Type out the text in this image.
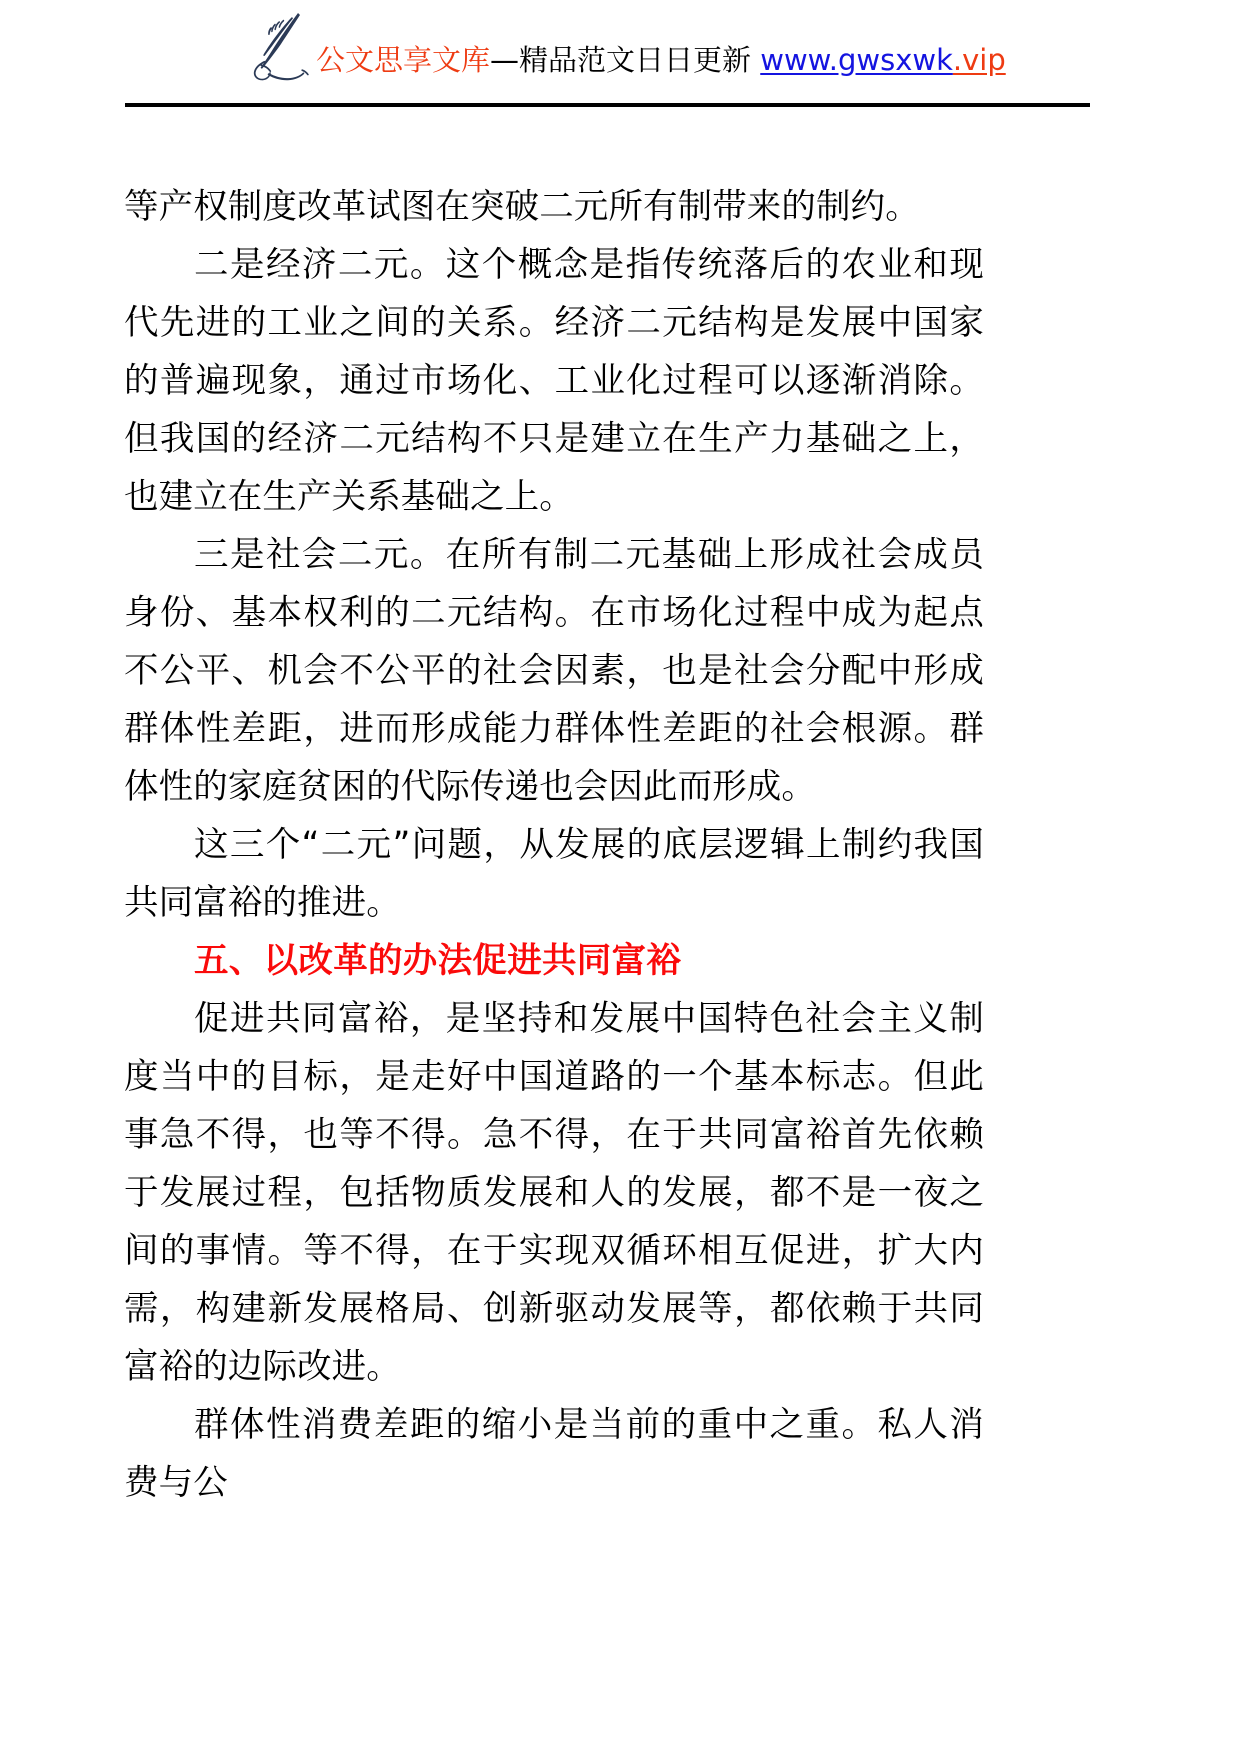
公文思享文库—精品范文日日更新 www.gwsxwk.vip

等产权制度改革试图在突破二元所有制带来的制约。

二是经济二元。这个概念是指传统落后的农业和现代先进的工业之间的关系。经济二元结构是发展中国家的普遍现象，通过市场化、工业化过程可以逐渐消除。但我国的经济二元结构不只是建立在生产力基础之上，也建立在生产关系基础之上。

三是社会二元。在所有制二元基础上形成社会成员身份、基本权利的二元结构。在市场化过程中成为起点不公平、机会不公平的社会因素，也是社会分配中形成群体性差距，进而形成能力群体性差距的社会根源。群体性的家庭贫困的代际传递也会因此而形成。

这三个“二元”问题，从发展的底层逻辑上制约我国共同富裕的推进。

五、以改革的办法促进共同富裕

促进共同富裕，是坚持和发展中国特色社会主义制度当中的目标，是走好中国道路的一个基本标志。但此事急不得，也等不得。急不得，在于共同富裕首先依赖于发展过程，包括物质发展和人的发展，都不是一夜之间的事情。等不得，在于实现双循环相互促进，扩大内需，构建新发展格局、创新驱动发展等，都依赖于共同富裕的边际改进。

群体性消费差距的缩小是当前的重中之重。私人消费与公
